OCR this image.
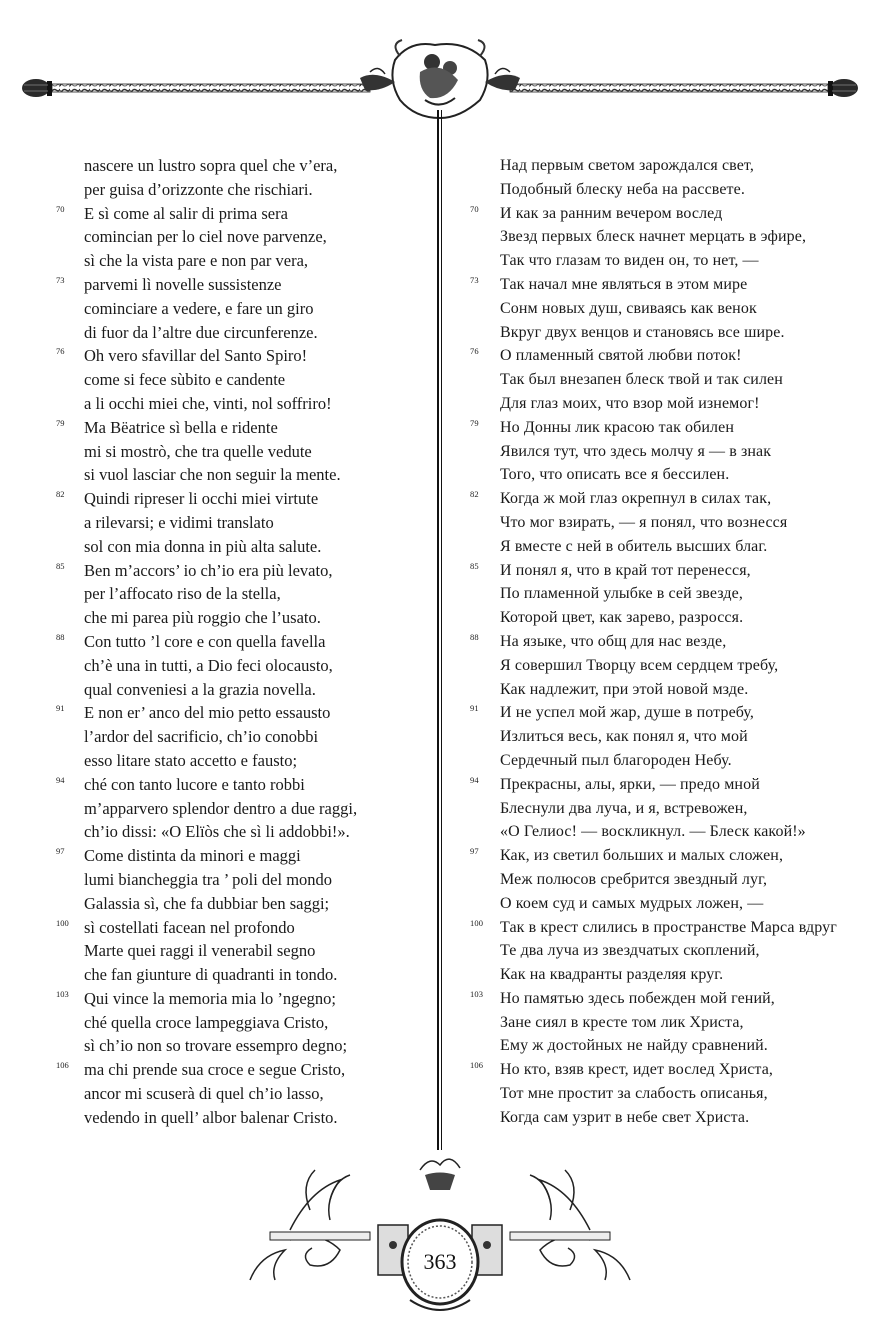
nascere un lustro sopra quel che v’era,
per guisa d’orizzonte che rischiari.
70 E sì come al salir di prima sera
comincian per lo ciel nove parvenze,
sì che la vista pare e non par vera,
73 parvemi lì novelle sussistenze
cominciare a vedere, e fare un giro
di fuor da l’altre due circunferenze.
76 Oh vero sfavillar del Santo Spiro!
come si fece sùbito e candente
a li occhi miei che, vinti, nol soffriro!
79 Ma Bëatrice sì bella e ridente
mi si mostrò, che tra quelle vedute
si vuol lasciar che non seguir la mente.
82 Quindi ripreser li occhi miei virtute
a rilevarsi; e vidimi translato
sol con mia donna in più alta salute.
85 Ben m’accors’ io ch’io era più levato,
per l’affocato riso de la stella,
che mi parea più roggio che l’usato.
88 Con tutto ’l core e con quella favella
ch’è una in tutti, a Dio feci olocausto,
qual conveniesi a la grazia novella.
91 E non er’ anco del mio petto essausto
l’ardor del sacrificio, ch’io conobbi
esso litare stato accetto e fausto;
94 ché con tanto lucore e tanto robbi
m’apparvero splendor dentro a due raggi,
ch’io dissi: «O Elïòs che sì li addobbi!».
97 Come distinta da minori e maggi
lumi biancheggia tra ’ poli del mondo
Galassia sì, che fa dubbiar ben saggi;
100 sì costellati facean nel profondo
Marte quei raggi il venerabil segno
che fan giunture di quadranti in tondo.
103 Qui vince la memoria mia lo ’ngegno;
ché quella croce lampeggiava Cristo,
sì ch’io non so trovare essempro degno;
106 ma chi prende sua croce e segue Cristo,
ancor mi scuserà di quel ch’io lasso,
vedendo in quell’ albor balenar Cristo.
Над первым светом зарождался свет,
Подобный блеску неба на рассвете.
70 И как за ранним вечером вослед
Звезд первых блеск начнет мерцать в эфире,
Так что глазам то виден он, то нет, —
73 Так начал мне являться в этом мире
Сонм новых душ, свиваясь как венок
Вкруг двух венцов и становясь все шире.
76 О пламенный святой любви поток!
Так был внезапен блеск твой и так силен
Для глаз моих, что взор мой изнемог!
79 Но Донны лик красою так обилен
Явился тут, что здесь молчу я — в знак
Того, что описать все я бессилен.
82 Когда ж мой глаз окрепнул в силах так,
Что мог взирать, — я понял, что вознесся
Я вместе с ней в обитель высших благ.
85 И понял я, что в край тот перенесся,
По пламенной улыбке в сей звезде,
Которой цвет, как зарево, разросся.
88 На языке, что общ для нас везде,
Я совершил Творцу всем сердцем требу,
Как надлежит, при этой новой мзде.
91 И не успел мой жар, душе в потребу,
Излиться весь, как понял я, что мой
Сердечный пыл благороден Небу.
94 Прекрасны, алы, ярки, — предо мной
Блеснули два луча, и я, встревожен,
«О Гелиос! — воскликнул. — Блеск какой!»
97 Как, из светил больших и малых сложен,
Меж полюсов сребрится звездный луг,
О коем суд и самых мудрых ложен, —
100 Так в крест слились в пространстве Марса вдруг
Те два луча из звездчатых скоплений,
Как на квадранты разделяя круг.
103 Но памятью здесь побежден мой гений,
Зане сиял в кресте том лик Христа,
Ему ж достойных не найду сравнений.
106 Но кто, взяв крест, идет вослед Христа,
Тот мне простит за слабость описанья,
Когда сам узрит в небе свет Христа.
363
